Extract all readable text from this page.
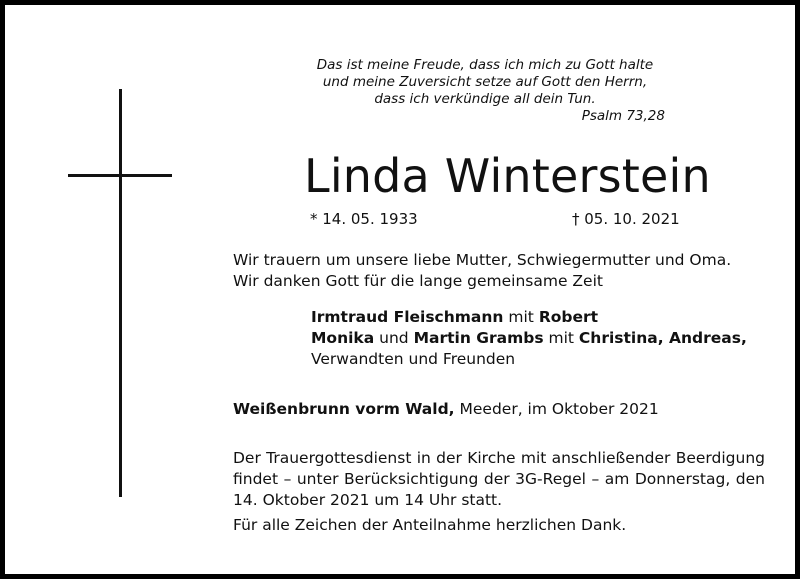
Das ist meine Freude, dass ich mich zu Gott halte
und meine Zuversicht setze auf Gott den Herrn,
dass ich verkündige all dein Tun.
Psalm 73,28
Linda Winterstein
* 14. 05. 1933	† 05. 10. 2021
Wir trauern um unsere liebe Mutter, Schwiegermutter und Oma.
Wir danken Gott für die lange gemeinsame Zeit
Irmtraud Fleischmann mit Robert
Monika und Martin Grambs mit Christina, Andreas,
Verwandten und Freunden
Weißenbrunn vorm Wald, Meeder, im Oktober 2021
Der Trauergottesdienst in der Kirche mit anschließender Beerdigung
findet – unter Berücksichtigung der 3G-Regel – am Donnerstag, den
14. Oktober 2021 um 14 Uhr statt.
Für alle Zeichen der Anteilnahme herzlichen Dank.
